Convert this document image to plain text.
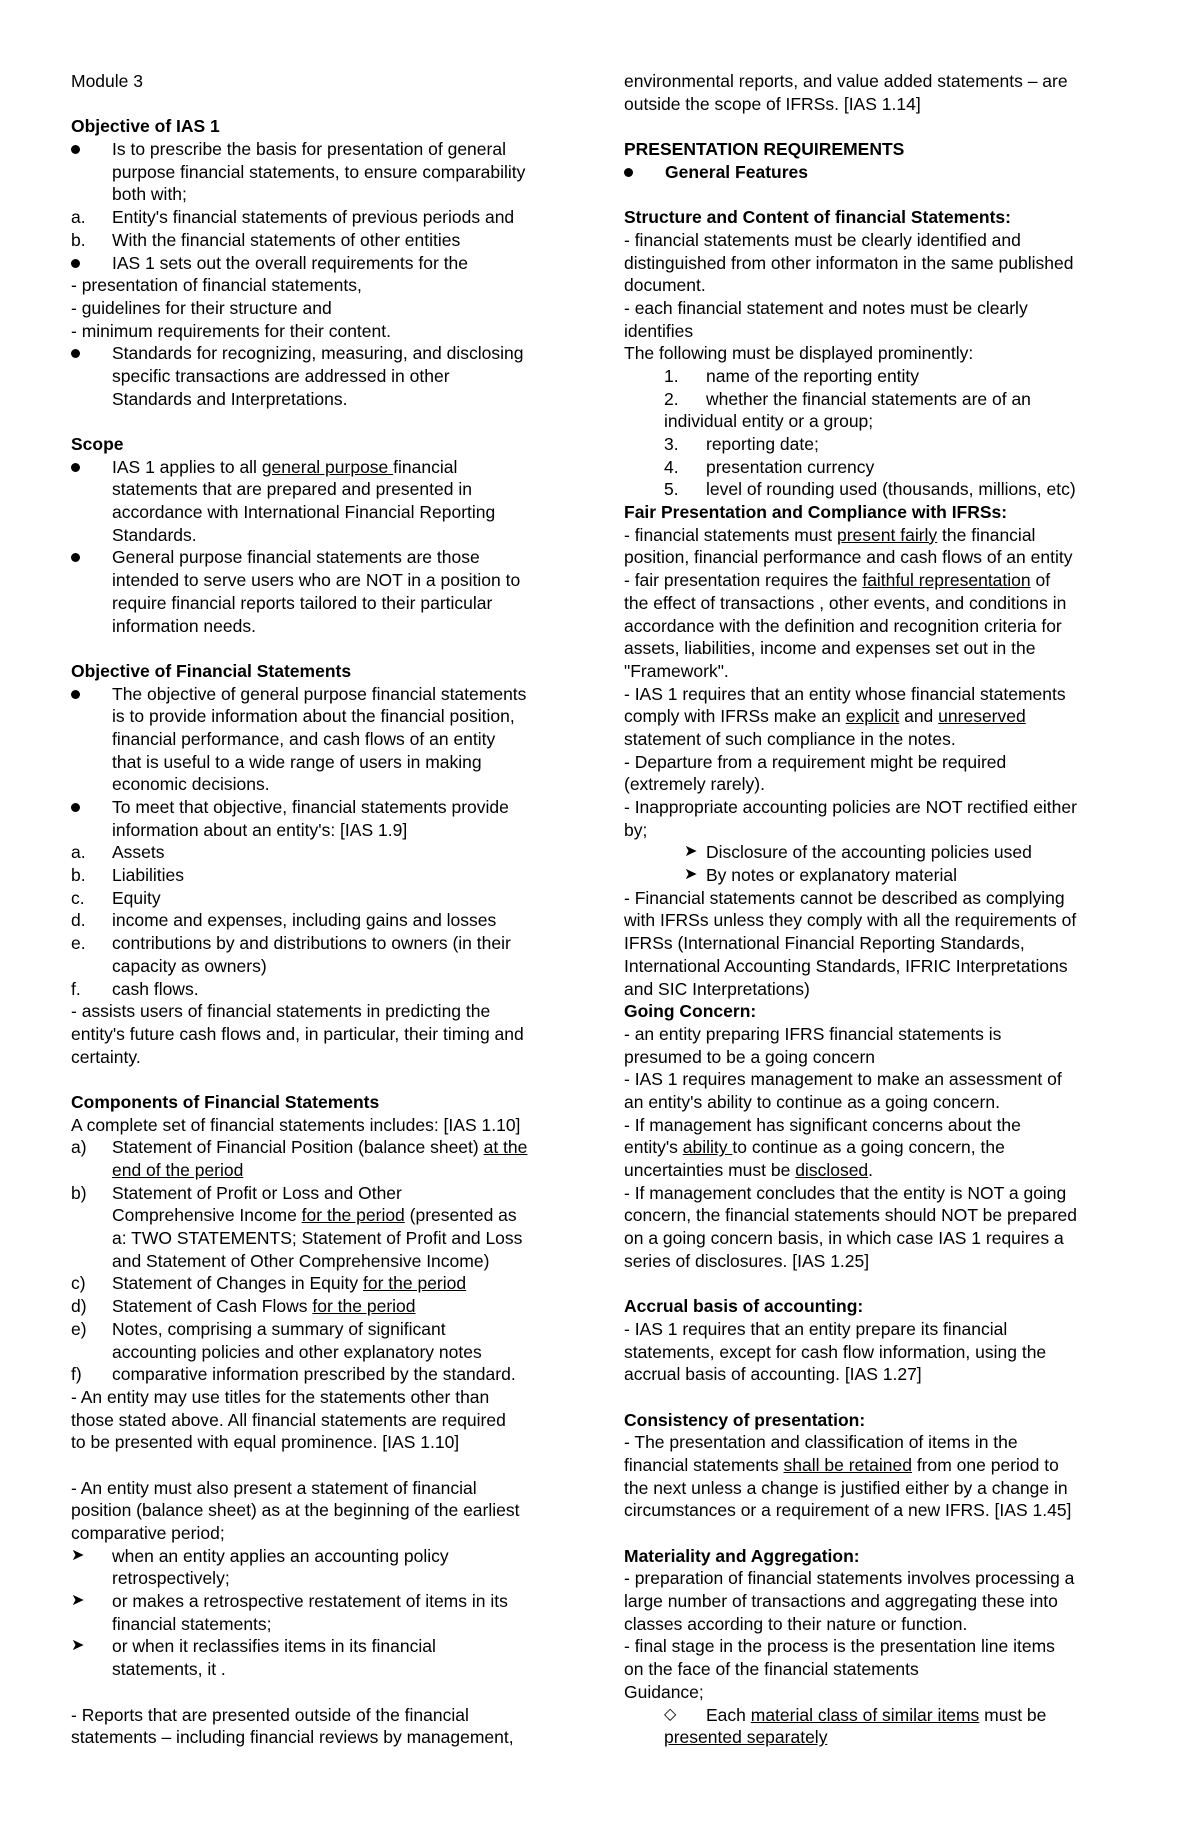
Module 3
Objective of IAS 1
Is to prescribe the basis for presentation of general
purpose financial statements, to ensure comparability
both with;
a. Entity's financial statements of previous periods and
b. With the financial statements of other entities
IAS 1 sets out the overall requirements for the
- presentation of financial statements,
- guidelines for their structure and
- minimum requirements for their content.
Standards for recognizing, measuring, and disclosing
specific transactions are addressed in other
Standards and Interpretations.
Scope
IAS 1 applies to all general purpose financial
statements that are prepared and presented in
accordance with International Financial Reporting
Standards.
General purpose financial statements are those
intended to serve users who are NOT in a position to
require financial reports tailored to their particular
information needs.
Objective of Financial Statements
The objective of general purpose financial statements
is to provide information about the financial position,
financial performance, and cash flows of an entity
that is useful to a wide range of users in making
economic decisions.
To meet that objective, financial statements provide
information about an entity's: [IAS 1.9]
a. Assets
b. Liabilities
c. Equity
d. income and expenses, including gains and losses
e. contributions by and distributions to owners (in their
capacity as owners)
f. cash flows.
- assists users of financial statements in predicting the
entity's future cash flows and, in particular, their timing and
certainty.
Components of Financial Statements
A complete set of financial statements includes: [IAS 1.10]
a) Statement of Financial Position (balance sheet) at the
end of the period
b) Statement of Profit or Loss and Other
Comprehensive Income for the period (presented as
a: TWO STATEMENTS; Statement of Profit and Loss
and Statement of Other Comprehensive Income)
c) Statement of Changes in Equity for the period
d) Statement of Cash Flows for the period
e) Notes, comprising a summary of significant
accounting policies and other explanatory notes
f) comparative information prescribed by the standard.
- An entity may use titles for the statements other than
those stated above. All financial statements are required
to be presented with equal prominence. [IAS 1.10]
- An entity must also present a statement of financial
position (balance sheet) as at the beginning of the earliest
comparative period;
➤ when an entity applies an accounting policy
retrospectively;
➤ or makes a retrospective restatement of items in its
financial statements;
➤ or when it reclassifies items in its financial
statements, it .
- Reports that are presented outside of the financial
statements – including financial reviews by management,
environmental reports, and value added statements – are
outside the scope of IFRSs. [IAS 1.14]
PRESENTATION REQUIREMENTS
General Features
Structure and Content of financial Statements:
- financial statements must be clearly identified and
distinguished from other informaton in the same published
document.
- each financial statement and notes must be clearly
identifies
The following must be displayed prominently:
1. name of the reporting entity
2. whether the financial statements are of an
individual entity or a group;
3. reporting date;
4. presentation currency
5. level of rounding used (thousands, millions, etc)
Fair Presentation and Compliance with IFRSs:
- financial statements must present fairly the financial
position, financial performance and cash flows of an entity
- fair presentation requires the faithful representation of
the effect of transactions , other events, and conditions in
accordance with the definition and recognition criteria for
assets, liabilities, income and expenses set out in the
"Framework".
- IAS 1 requires that an entity whose financial statements
comply with IFRSs make an explicit and unreserved
statement of such compliance in the notes.
- Departure from a requirement might be required
(extremely rarely).
- Inappropriate accounting policies are NOT rectified either
by;
➤ Disclosure of the accounting policies used
➤ By notes or explanatory material
- Financial statements cannot be described as complying
with IFRSs unless they comply with all the requirements of
IFRSs (International Financial Reporting Standards,
International Accounting Standards, IFRIC Interpretations
and SIC Interpretations)
Going Concern:
- an entity preparing IFRS financial statements is
presumed to be a going concern
- IAS 1 requires management to make an assessment of
an entity's ability to continue as a going concern.
- If management has significant concerns about the
entity's ability to continue as a going concern, the
uncertainties must be disclosed.
- If management concludes that the entity is NOT a going
concern, the financial statements should NOT be prepared
on a going concern basis, in which case IAS 1 requires a
series of disclosures. [IAS 1.25]
Accrual basis of accounting:
- IAS 1 requires that an entity prepare its financial
statements, except for cash flow information, using the
accrual basis of accounting. [IAS 1.27]
Consistency of presentation:
- The presentation and classification of items in the
financial statements shall be retained from one period to
the next unless a change is justified either by a change in
circumstances or a requirement of a new IFRS. [IAS 1.45]
Materiality and Aggregation:
- preparation of financial statements involves processing a
large number of transactions and aggregating these into
classes according to their nature or function.
- final stage in the process is the presentation line items
on the face of the financial statements
Guidance;
◇ Each material class of similar items must be
presented separately
